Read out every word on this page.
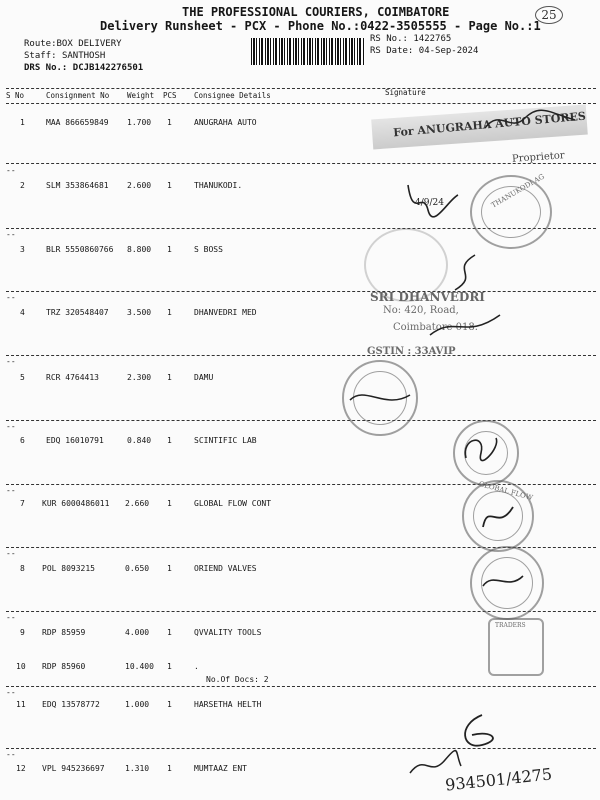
THE PROFESSIONAL COURIERS, COIMBATORE
Delivery Runsheet - PCX - Phone No.:0422-3505555 - Page No.:1
25
Route:BOX DELIVERY
Staff: SANTHOSH
DRS No.: DCJB142276501
RS No.: 1422765
RS Date: 04-Sep-2024
S No	Consignment No Weight PCS Consignee Details	Signature
1	MAA 866659849 1.700 1	ANUGRAHA AUTO
--
2	SLM 353864681 2.600 1	THANUKODI.
--
3	BLR 5550860766 8.800 1	S BOSS
--
4	TRZ 320548407 3.500 1	DHANVEDRI MED
--
5	RCR 4764413	2.300 1	DAMU
--
6	EDQ 16010791	0.840 1	SCINTIFIC LAB
--
7 KUR 6000486011 2.660 1	GLOBAL FLOW CONT
--
8 POL 8093215	0.650 1	ORIEND VALVES
--
9 RDP 85959	4.000 1	QVVALITY TOOLS
10 RDP 85960	10.400 1	.
No.Of Docs: 2
--
11 EDQ 13578772	1.000 1	HARSETHA HELTH
--
12 VPL 945236697	1.310 1	MUMTAAZ ENT
For ANUGRAHA AUTO STORES
Proprietor
THANUKODI AG
4/9/24
SRI DHANVEDRI
No: 420, Road,
Coimbatore 018.
GSTIN : 33AVIP
GLOBAL FLOW
TRADERS
934501/4275
